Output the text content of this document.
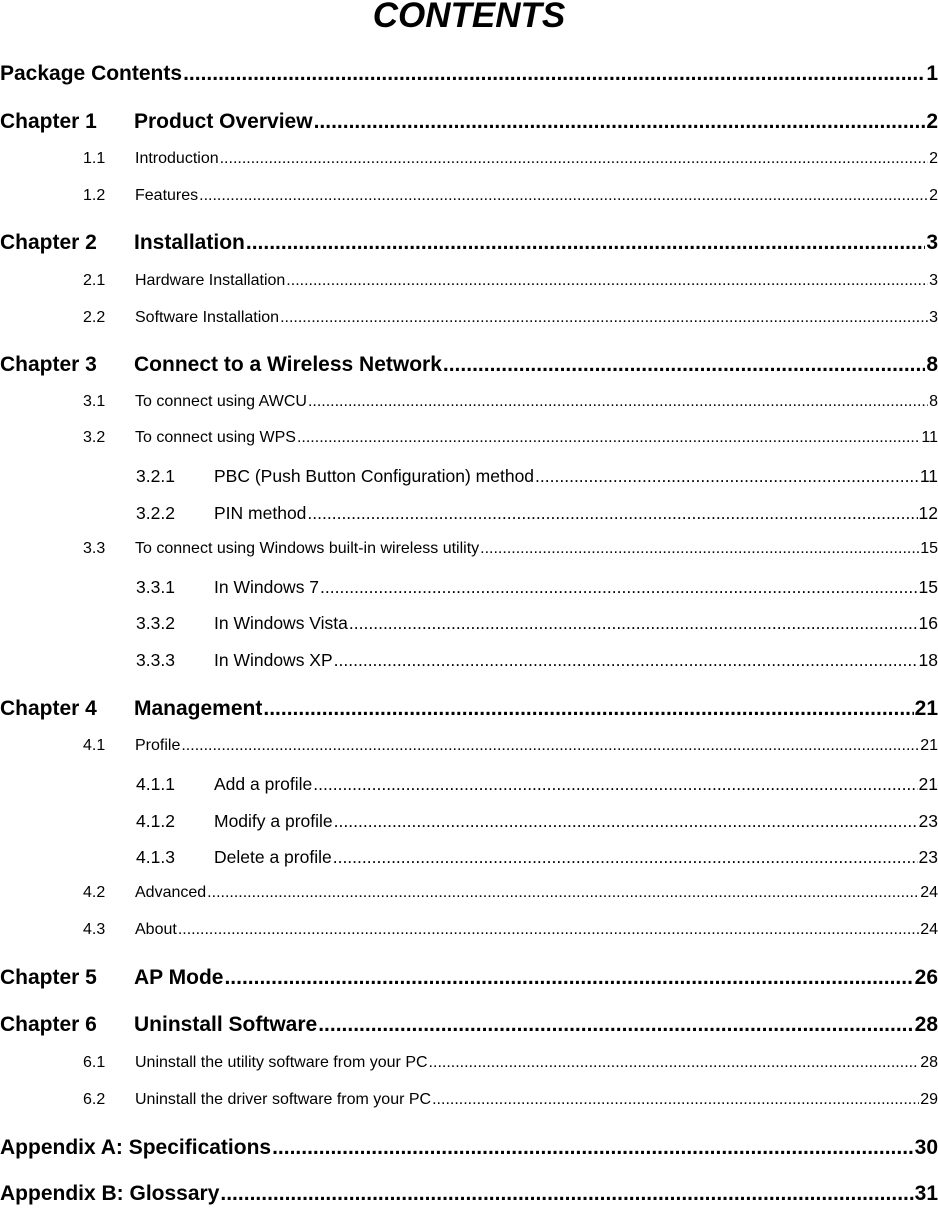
CONTENTS
Package Contents .....	1
Chapter 1	Product Overview .....	2
1.1	Introduction .....	2
1.2	Features .....	2
Chapter 2	Installation .....	3
2.1	Hardware Installation .....	3
2.2	Software Installation .....	3
Chapter 3	Connect to a Wireless Network .....	8
3.1	To connect using AWCU .....	8
3.2	To connect using WPS .....	11
3.2.1	PBC (Push Button Configuration) method .....	11
3.2.2	PIN method .....	12
3.3	To connect using Windows built-in wireless utility .....	15
3.3.1	In Windows 7 .....	15
3.3.2	In Windows Vista .....	16
3.3.3	In Windows XP .....	18
Chapter 4	Management .....	21
4.1	Profile .....	21
4.1.1	Add a profile .....	21
4.1.2	Modify a profile .....	23
4.1.3	Delete a profile .....	23
4.2	Advanced .....	24
4.3	About .....	24
Chapter 5	AP Mode .....	26
Chapter 6	Uninstall Software .....	28
6.1	Uninstall the utility software from your PC .....	28
6.2	Uninstall the driver software from your PC .....	29
Appendix A: Specifications .....	30
Appendix B: Glossary .....	31
